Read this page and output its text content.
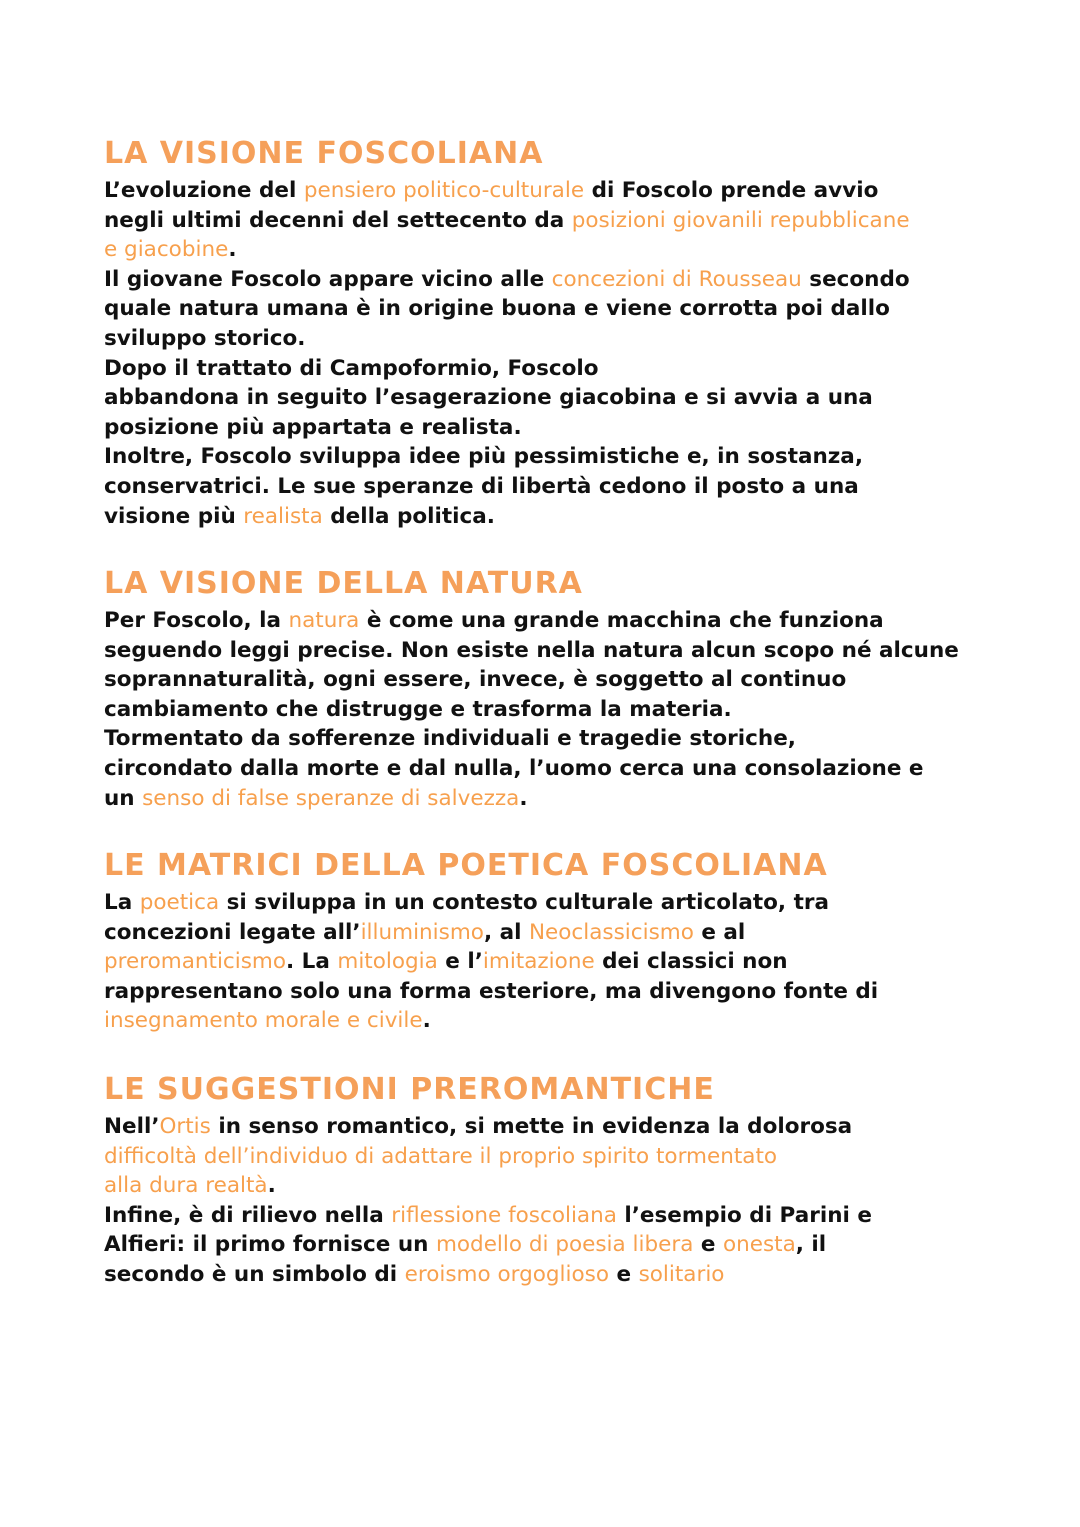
LA VISIONE FOSCOLIANA
L’evoluzione del pensiero politico-culturale di Foscolo prende avvio
negli ultimi decenni del settecento da posizioni giovanili repubblicane
e giacobine.
Il giovane Foscolo appare vicino alle concezioni di Rousseau secondo
quale natura umana è in origine buona e viene corrotta poi dallo
sviluppo storico.
Dopo il trattato di Campoformio, Foscolo
abbandona in seguito l’esagerazione giacobina e si avvia a una
posizione più appartata e realista.
Inoltre, Foscolo sviluppa idee più pessimistiche e, in sostanza,
conservatrici. Le sue speranze di libertà cedono il posto a una
visione più realista della politica.
LA VISIONE DELLA NATURA
Per Foscolo, la natura è come una grande macchina che funziona
seguendo leggi precise. Non esiste nella natura alcun scopo né alcune
soprannaturalità, ogni essere, invece, è soggetto al continuo
cambiamento che distrugge e trasforma la materia.
Tormentato da sofferenze individuali e tragedie storiche,
circondato dalla morte e dal nulla, l’uomo cerca una consolazione e
un senso di false speranze di salvezza.
LE MATRICI DELLA POETICA FOSCOLIANA
La poetica si sviluppa in un contesto culturale articolato, tra
concezioni legate all’illuminismo, al Neoclassicismo e al
preromanticismo. La mitologia e l’imitazione dei classici non
rappresentano solo una forma esteriore, ma divengono fonte di
insegnamento morale e civile.
LE SUGGESTIONI PREROMANTICHE
Nell’Ortis in senso romantico, si mette in evidenza la dolorosa
difficoltà dell’individuo di adattare il proprio spirito tormentato
alla dura realtà.
Infine, è di rilievo nella riflessione foscoliana l’esempio di Parini e
Alfieri: il primo fornisce un modello di poesia libera e onesta, il
secondo è un simbolo di eroismo orgoglioso e solitario
